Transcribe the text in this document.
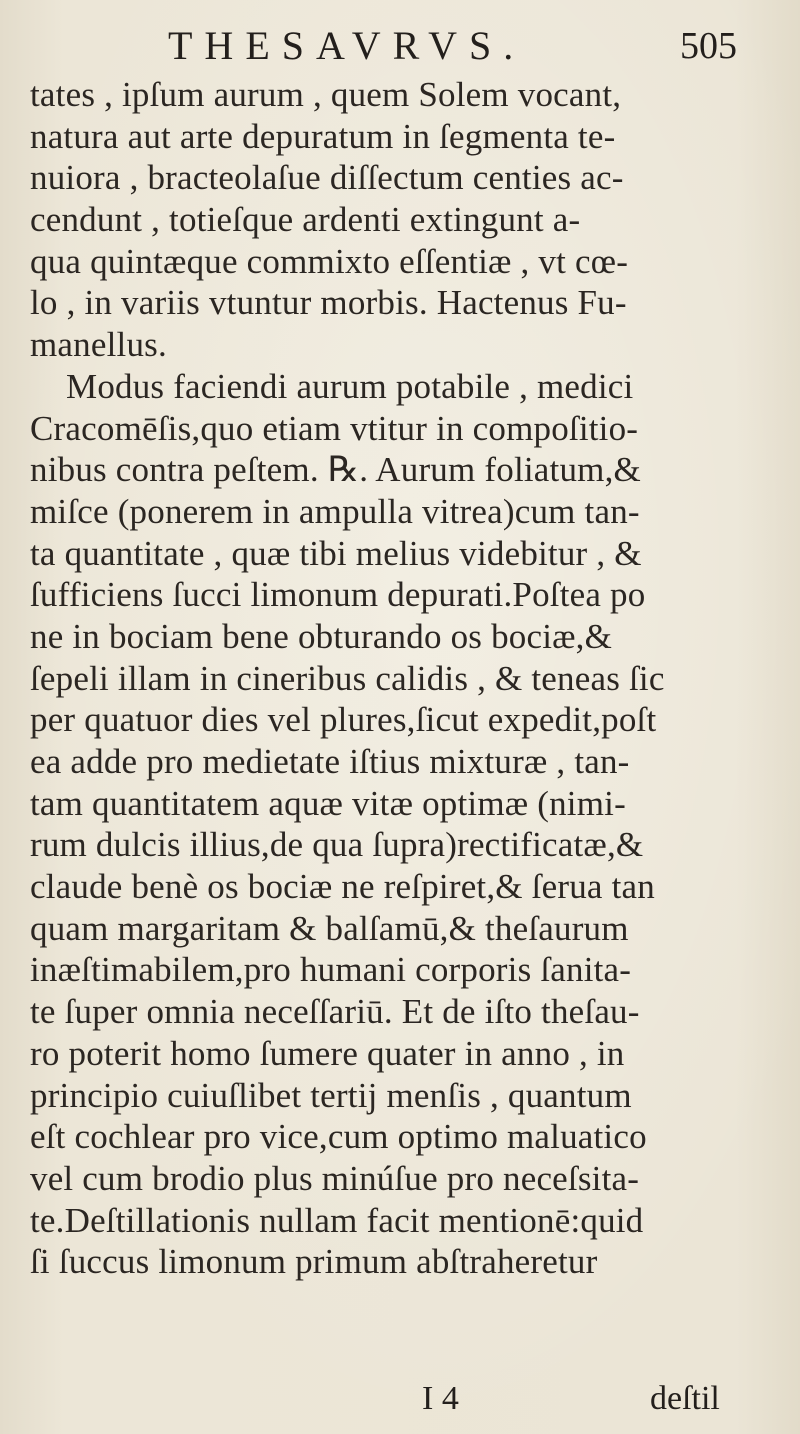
THESAVRVS.	505
tates , ipſum aurum , quem Solem vocant,
natura aut arte depuratum in ſegmenta te-
nuiora , bracteolaſue diſſectum centies ac-
cendunt , totieſque ardenti extingunt a-
qua quintæque commixto eſſentiæ , vt cœ-
lo , in variis vtuntur morbis. Hactenus Fu-
manellus.
Modus faciendi aurum potabile , medici
Cracomēſis,quo etiam vtitur in compoſitio-
nibus contra peſtem. ℞. Aurum foliatum,&
miſce (ponerem in ampulla vitrea)cum tan-
ta quantitate , quæ tibi melius videbitur , &
ſufficiens ſucci limonum depurati.Poſtea po
ne in bociam bene obturando os bociæ,&
ſepeli illam in cineribus calidis , & teneas ſic
per quatuor dies vel plures,ſicut expedit,poſt
ea adde pro medietate iſtius mixturæ , tan-
tam quantitatem aquæ vitæ optimæ (nimi-
rum dulcis illius,de qua ſupra)rectificatæ,&
claude benè os bociæ ne reſpiret,& ſerua tan
quam margaritam & balſamū,& theſaurum
inæſtimabilem,pro humani corporis ſanita-
te ſuper omnia neceſſariū. Et de iſto theſau-
ro poterit homo ſumere quater in anno , in
principio cuiuſlibet tertij menſis , quantum
eſt cochlear pro vice,cum optimo maluatico
vel cum brodio plus minúſue pro neceſsita-
te.Deſtillationis nullam facit mentionē:quid
ſi ſuccus limonum primum abſtraheretur
I 4	deſtil
